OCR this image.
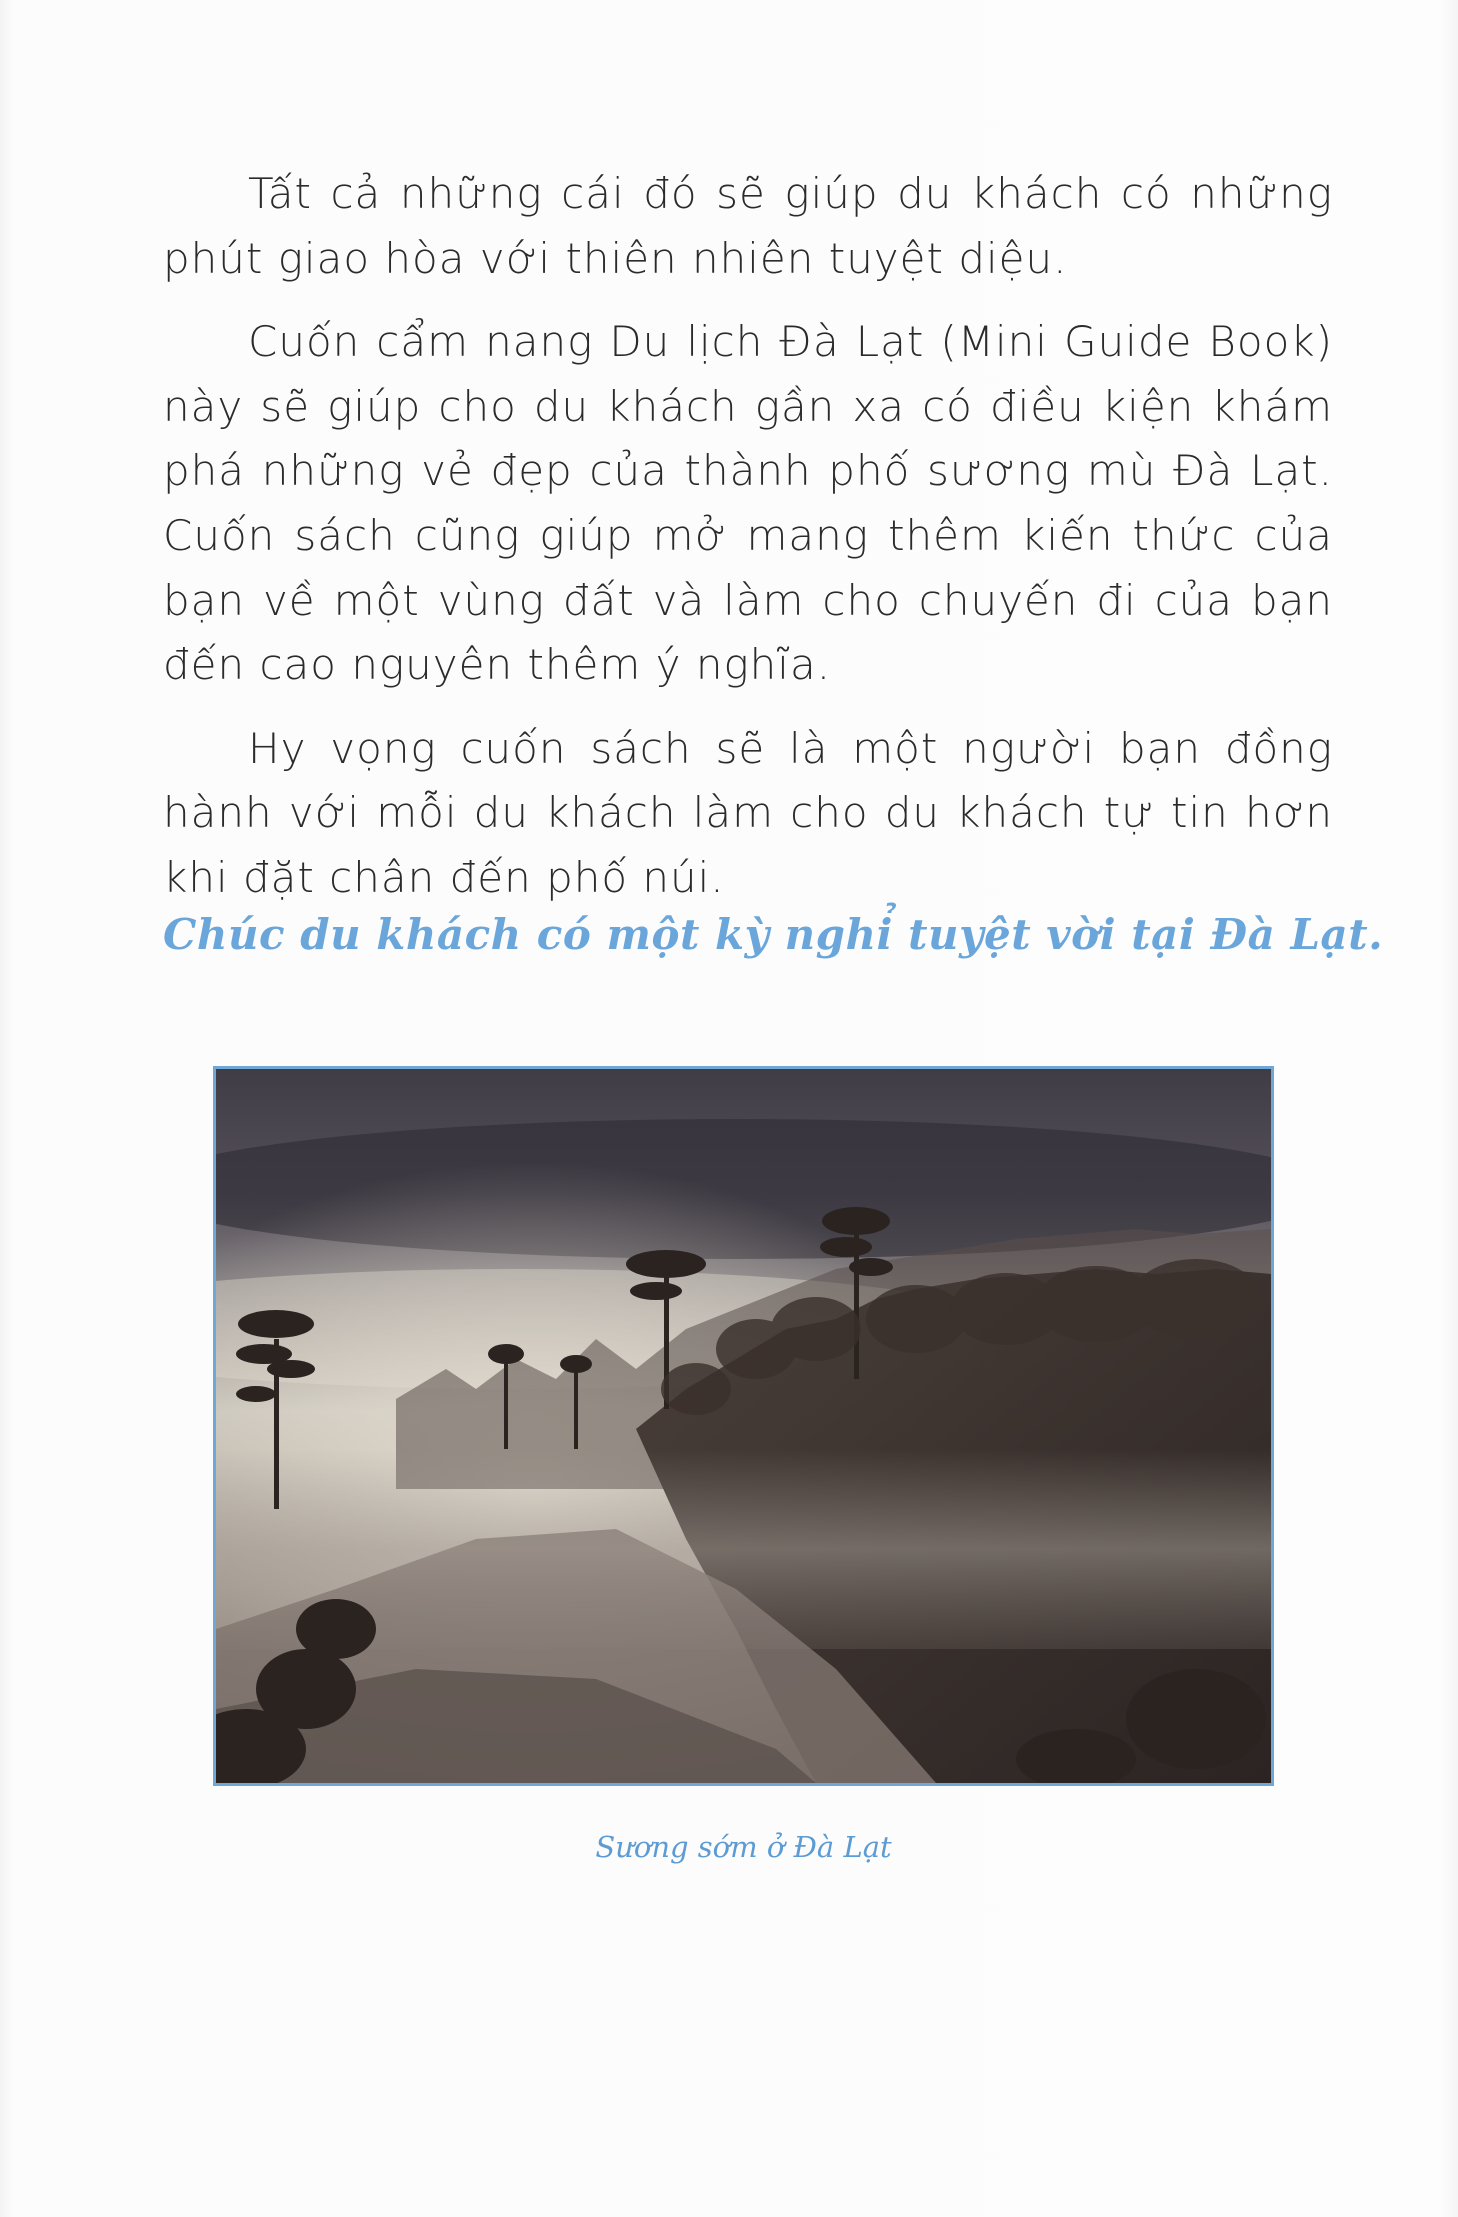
Tất cả những cái đó sẽ giúp du khách có những phút giao hòa với thiên nhiên tuyệt diệu.

Cuốn cẩm nang Du lịch Đà Lạt (Mini Guide Book) này sẽ giúp cho du khách gần xa có điều kiện khám phá những vẻ đẹp của thành phố sương mù Đà Lạt. Cuốn sách cũng giúp mở mang thêm kiến thức của bạn về một vùng đất và làm cho chuyến đi của bạn đến cao nguyên thêm ý nghĩa.

Hy vọng cuốn sách sẽ là một người bạn đồng hành với mỗi du khách làm cho du khách tự tin hơn khi đặt chân đến phố núi.

Chúc du khách có một kỳ nghỉ tuyệt vời tại Đà Lạt.
Sương sớm ở Đà Lạt
